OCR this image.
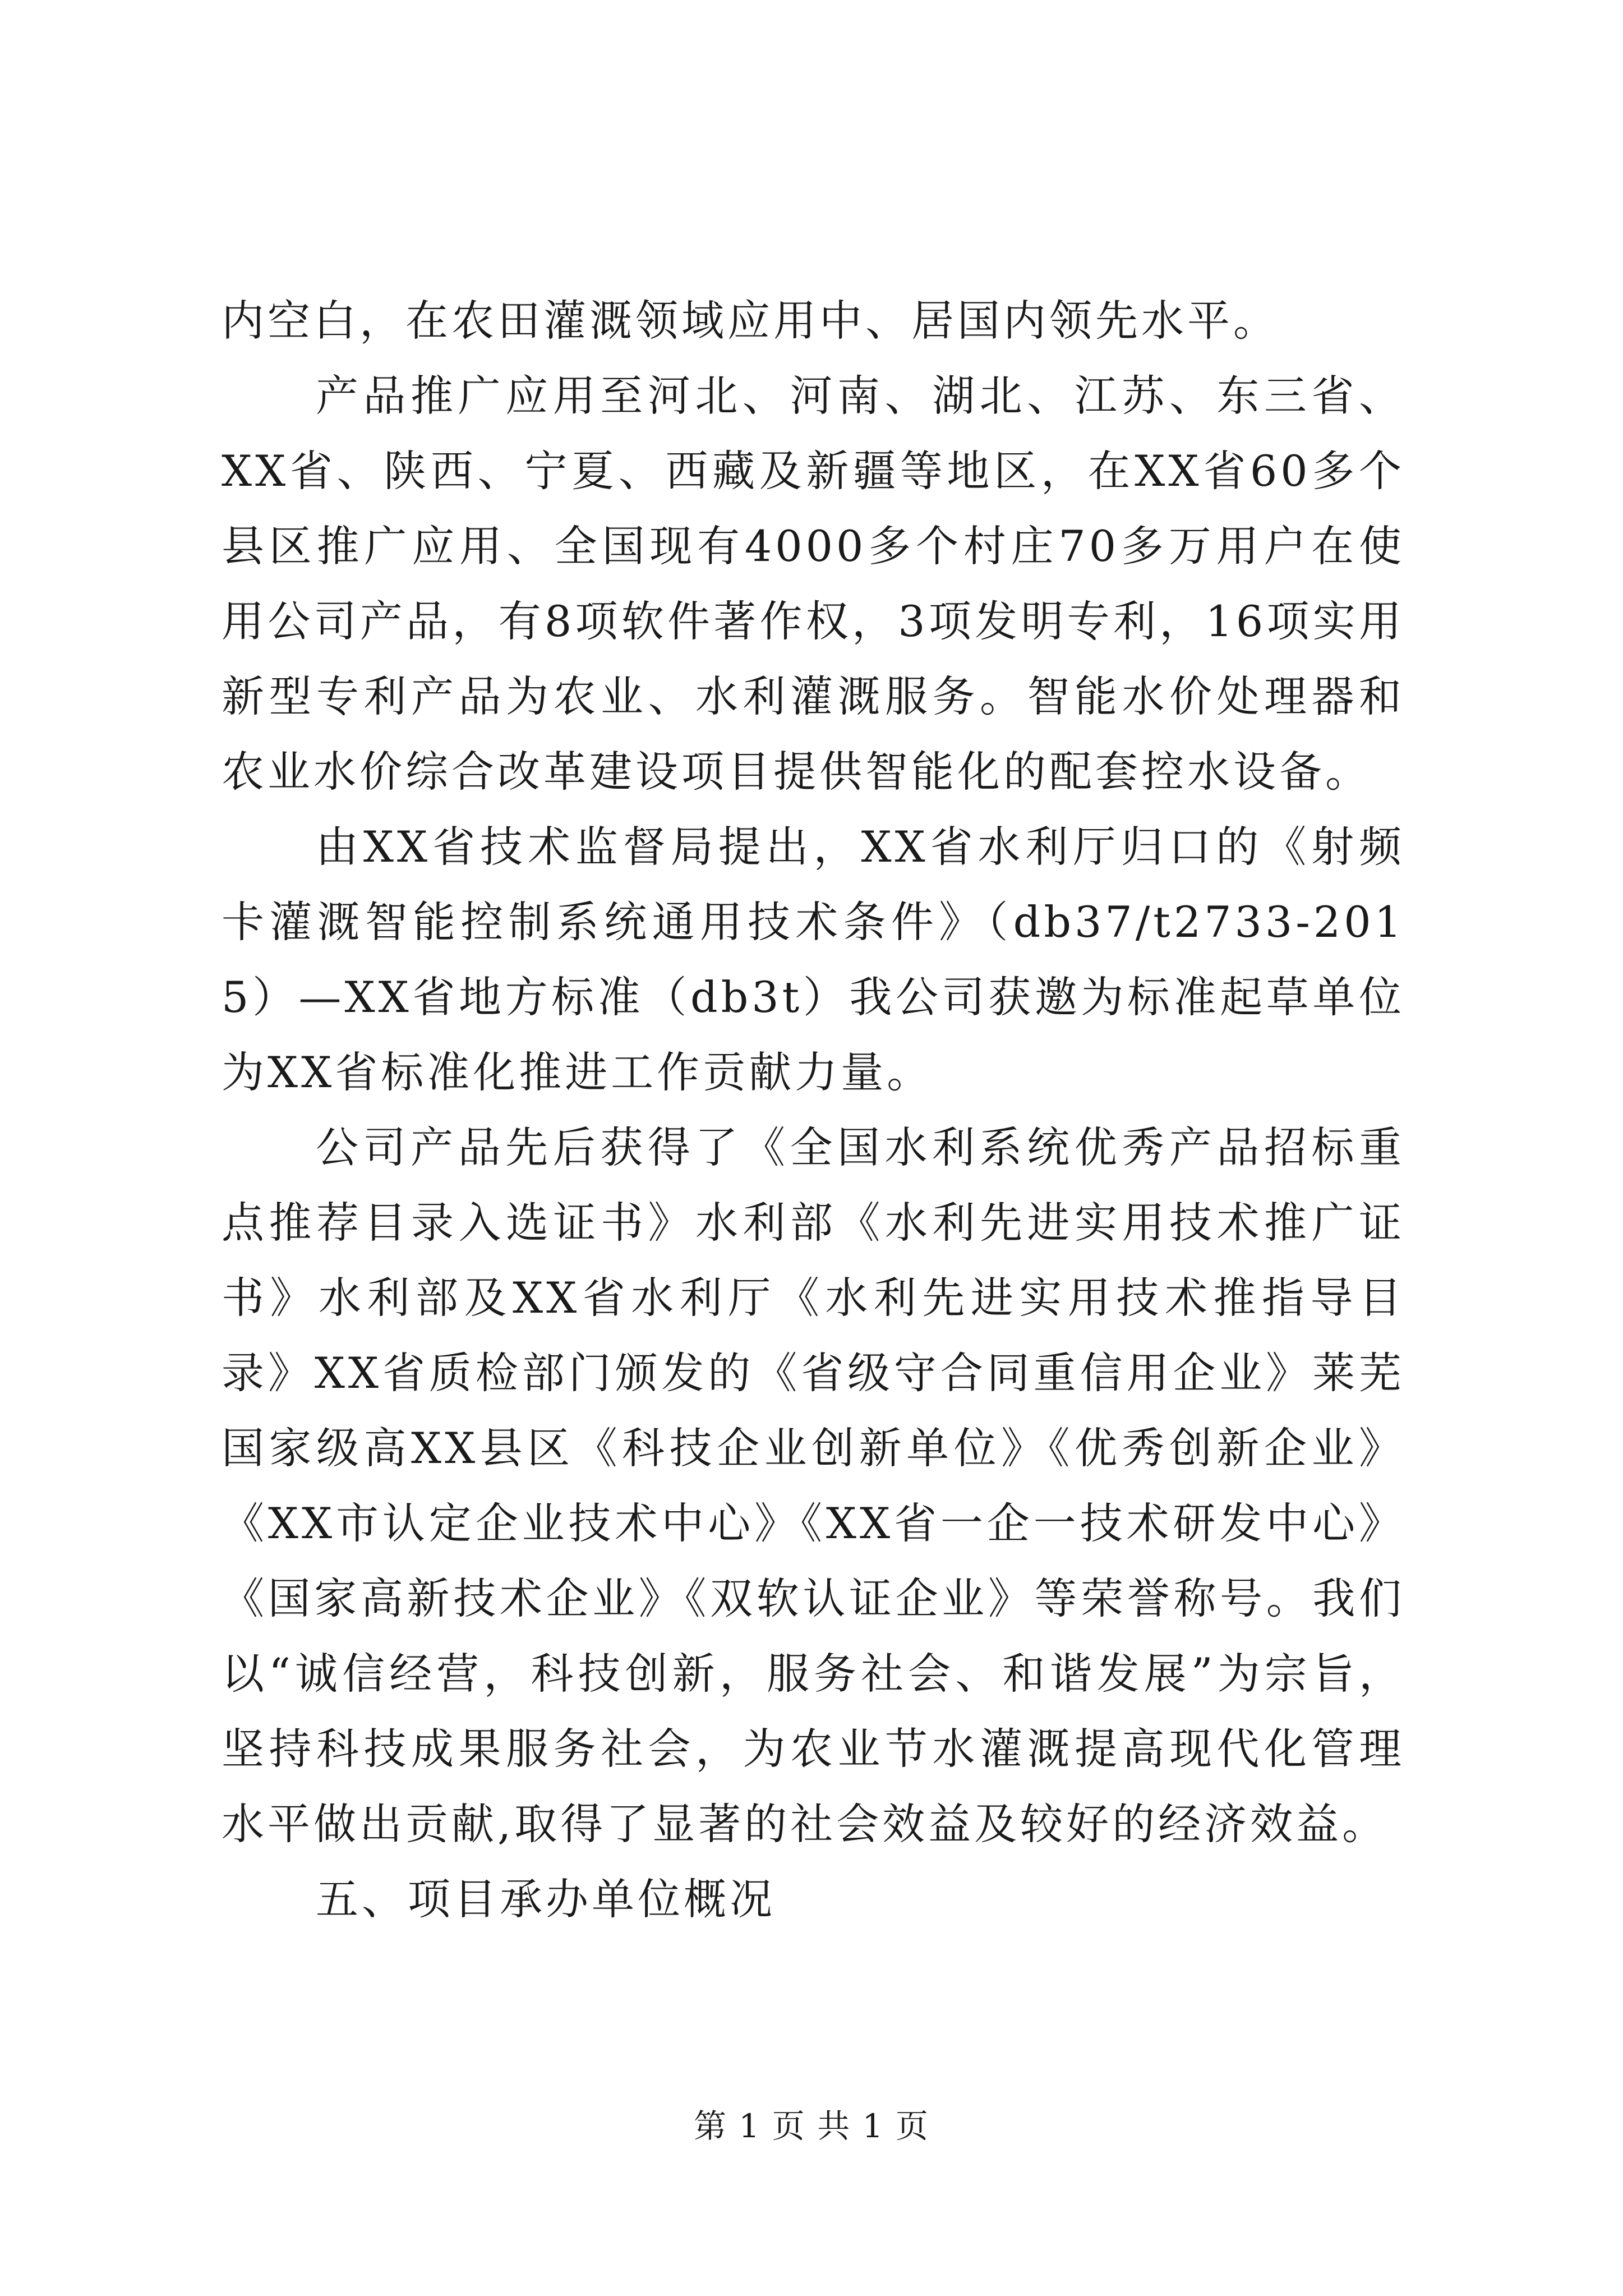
内空白，在农田灌溉领域应用中、居国内领先水平。

产品推广应用至河北、河南、湖北、江苏、东三省、XX省、陕西、宁夏、西藏及新疆等地区，在XX省60多个县区推广应用、全国现有4000多个村庄70多万用户在使用公司产品，有8项软件著作权，3项发明专利，16项实用新型专利产品为农业、水利灌溉服务。智能水价处理器和农业水价综合改革建设项目提供智能化的配套控水设备。

由XX省技术监督局提出，XX省水利厅归口的《射频卡灌溉智能控制系统通用技术条件》（db37/t2733-2015）—XX省地方标准（db3t）我公司获邀为标准起草单位为XX省标准化推进工作贡献力量。

公司产品先后获得了《全国水利系统优秀产品招标重点推荐目录入选证书》水利部《水利先进实用技术推广证书》水利部及XX省水利厅《水利先进实用技术推指导目录》XX省质检部门颁发的《省级守合同重信用企业》莱芜国家级高XX县区《科技企业创新单位》《优秀创新企业》《XX市认定企业技术中心》《XX省一企一技术研发中心》《国家高新技术企业》《双软认证企业》等荣誉称号。我们以“诚信经营，科技创新，服务社会、和谐发展”为宗旨，坚持科技成果服务社会，为农业节水灌溉提高现代化管理水平做出贡献,取得了显著的社会效益及较好的经济效益。

五、项目承办单位概况

第 1 页 共 1 页
